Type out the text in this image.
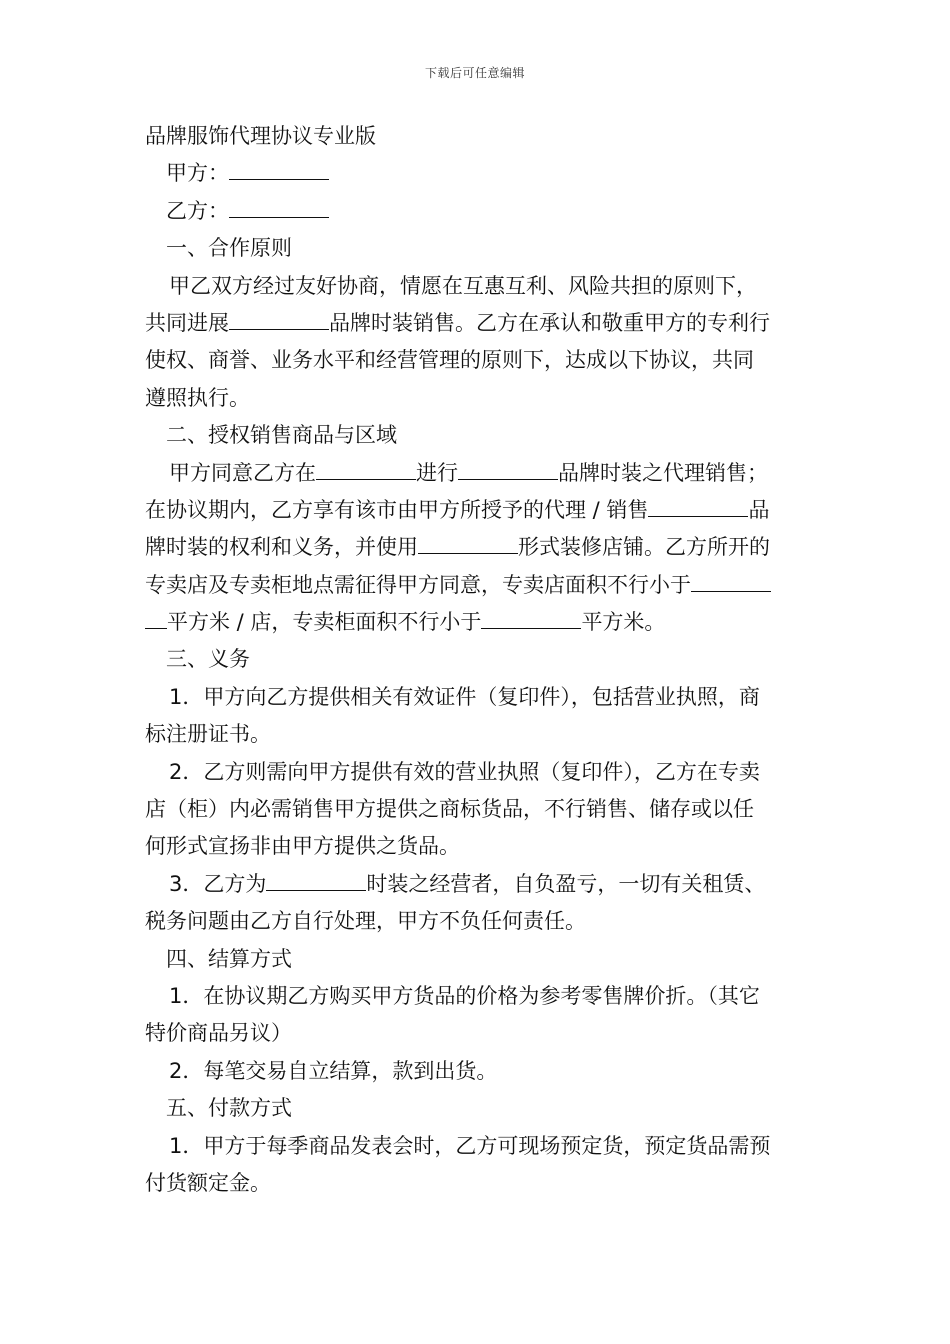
下载后可任意编辑
品牌服饰代理协议专业版
甲方：
乙方：
一、合作原则
甲乙双方经过友好协商，情愿在互惠互利、风险共担的原则下，
共同进展	品牌时装销售。乙方在承认和敬重甲方的专利行
使权、商誉、业务水平和经营管理的原则下，达成以下协议，共同
遵照执行。
二、授权销售商品与区域
甲方同意乙方在	进行	品牌时装之代理销售；
在协议期内，乙方享有该市由甲方所授予的代理 / 销售	品
牌时装的权利和义务，并使用	形式装修店铺。乙方所开的
专卖店及专卖柜地点需征得甲方同意，专卖店面积不行小于
平方米 / 店，专卖柜面积不行小于	平方米。
三、义务
1．甲方向乙方提供相关有效证件（复印件），包括营业执照，商
标注册证书。
2．乙方则需向甲方提供有效的营业执照（复印件），乙方在专卖
店（柜）内必需销售甲方提供之商标货品，不行销售、储存或以任
何形式宣扬非由甲方提供之货品。
3．乙方为	时装之经营者，自负盈亏，一切有关租赁、
税务问题由乙方自行处理，甲方不负任何责任。
四、结算方式
1．在协议期乙方购买甲方货品的价格为参考零售牌价折。（其它
特价商品另议）
2．每笔交易自立结算，款到出货。
五、付款方式
1．甲方于每季商品发表会时，乙方可现场预定货，预定货品需预
付货额定金。
